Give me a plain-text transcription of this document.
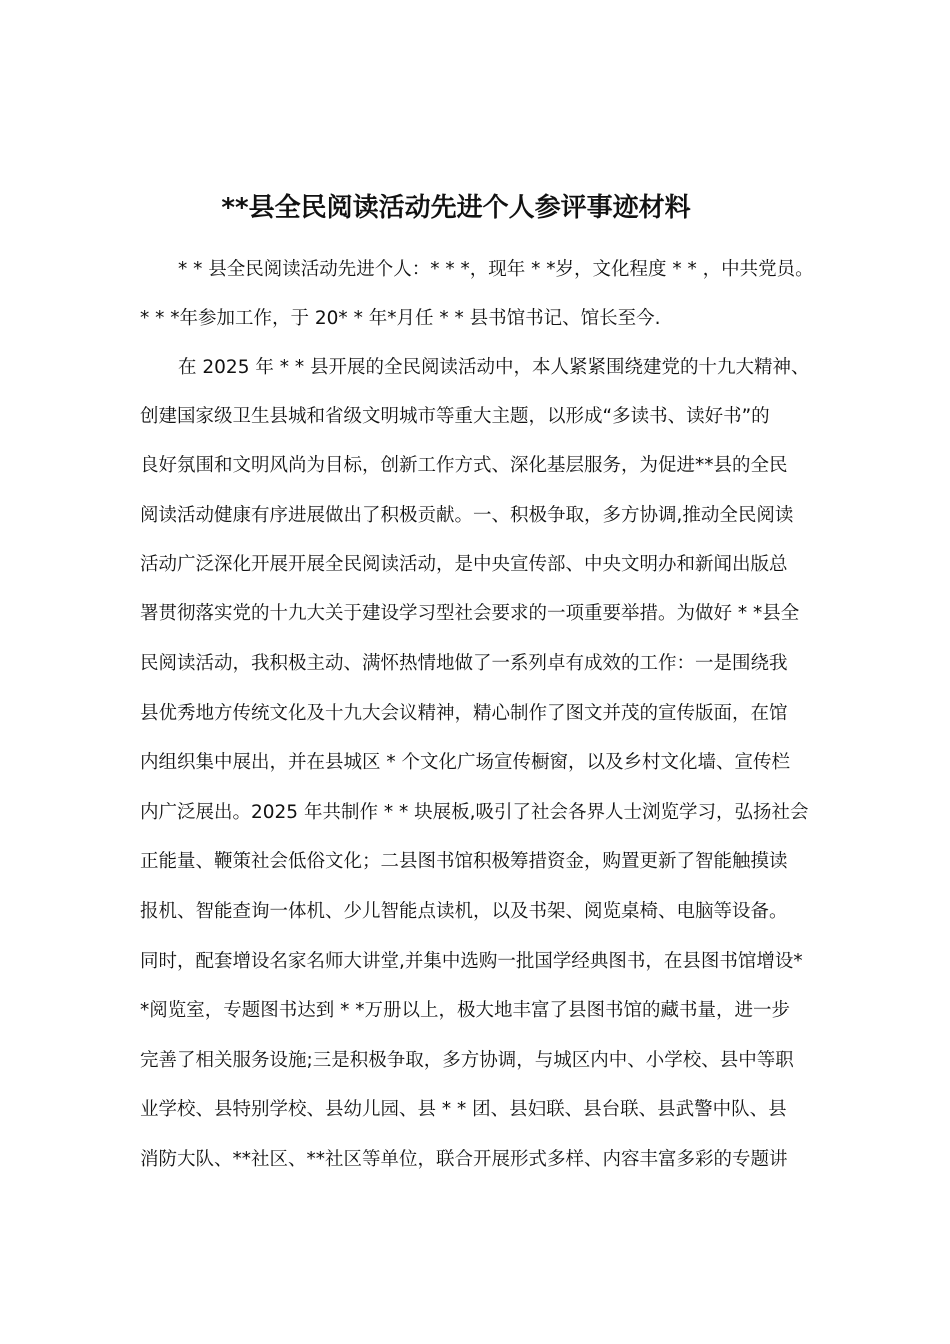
**县全民阅读活动先进个人参评事迹材料
* * 县全民阅读活动先进个人：* * *，现年 * *岁，文化程度 * * ，中共党员。
* * *年参加工作，于 20* * 年*月任 * * 县书馆书记、馆长至今.
在 2025 年 * * 县开展的全民阅读活动中，本人紧紧围绕建党的十九大精神、
创建国家级卫生县城和省级文明城市等重大主题，以形成“多读书、读好书”的
良好氛围和文明风尚为目标，创新工作方式、深化基层服务，为促进**县的全民
阅读活动健康有序进展做出了积极贡献。一、积极争取，多方协调,推动全民阅读
活动广泛深化开展开展全民阅读活动，是中央宣传部、中央文明办和新闻出版总
署贯彻落实党的十九大关于建设学习型社会要求的一项重要举措。为做好 * *县全
民阅读活动，我积极主动、满怀热情地做了一系列卓有成效的工作：一是围绕我
县优秀地方传统文化及十九大会议精神，精心制作了图文并茂的宣传版面，在馆
内组织集中展出，并在县城区 * 个文化广场宣传橱窗，以及乡村文化墙、宣传栏
内广泛展出。2025 年共制作 * * 块展板,吸引了社会各界人士浏览学习，弘扬社会
正能量、鞭策社会低俗文化；二县图书馆积极筹措资金，购置更新了智能触摸读
报机、智能查询一体机、少儿智能点读机，以及书架、阅览桌椅、电脑等设备。
同时，配套增设名家名师大讲堂,并集中选购一批国学经典图书，在县图书馆增设*
*阅览室，专题图书达到 * *万册以上，极大地丰富了县图书馆的藏书量，进一步
完善了相关服务设施;三是积极争取，多方协调，与城区内中、小学校、县中等职
业学校、县特别学校、县幼儿园、县 * * 团、县妇联、县台联、县武警中队、县
消防大队、**社区、**社区等单位，联合开展形式多样、内容丰富多彩的专题讲
